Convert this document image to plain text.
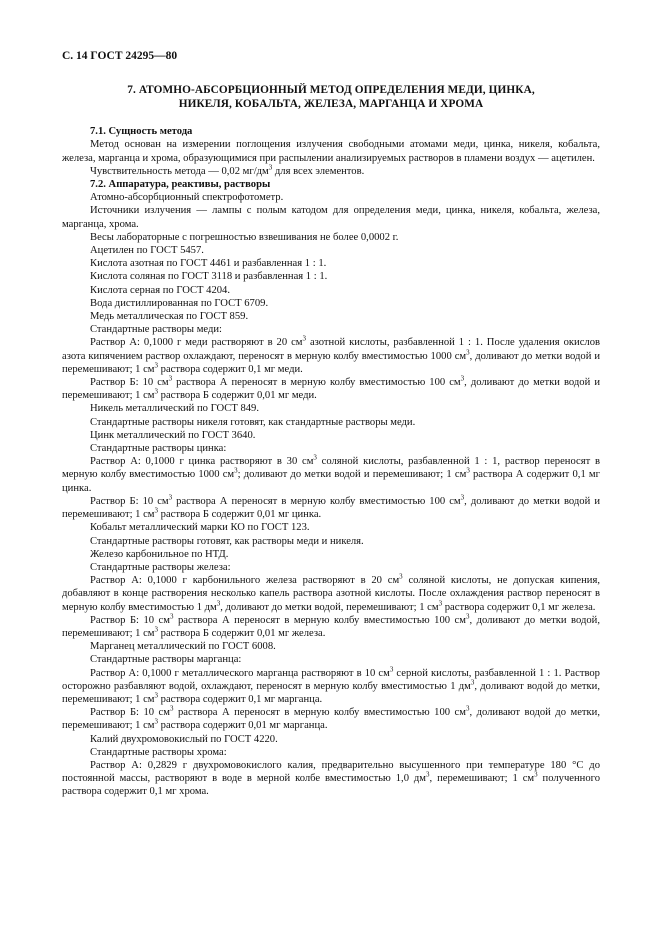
С. 14 ГОСТ 24295—80
7. АТОМНО-АБСОРБЦИОННЫЙ МЕТОД ОПРЕДЕЛЕНИЯ МЕДИ, ЦИНКА,
НИКЕЛЯ, КОБАЛЬТА, ЖЕЛЕЗА, МАРГАНЦА И ХРОМА
7.1. Сущность метода

Метод основан на измерении поглощения излучения свободными атомами меди, цинка, никеля, кобальта, железа, марганца и хрома, образующимися при распылении анализируемых растворов в пламени воздух — ацетилен.

Чувствительность метода — 0,02 $мг/дм^3$ для всех элементов.

7.2. Аппаратура, реактивы, растворы

Атомно-абсорбционный спектрофотометр.

Источники излучения — лампы с полым катодом для определения меди, цинка, никеля, кобальта, железа, марганца, хрома.

Весы лабораторные с погрешностью взвешивания не более 0,0002 г.

Ацетилен по ГОСТ 5457.

Кислота азотная по ГОСТ 4461 и разбавленная 1 : 1.

Кислота соляная по ГОСТ 3118 и разбавленная 1 : 1.

Кислота серная по ГОСТ 4204.

Вода дистиллированная по ГОСТ 6709.

Медь металлическая по ГОСТ 859.

Стандартные растворы меди:

Раствор А: 0,1000 г меди растворяют в 20 $см^3$ азотной кислоты, разбавленной 1 : 1. После удаления окислов азота кипячением раствор охлаждают, переносят в мерную колбу вместимостью 1000 $см^3$, доливают до метки водой и перемешивают; 1 $см^3$ раствора содержит 0,1 мг меди.

Раствор Б: 10 $см^3$ раствора А переносят в мерную колбу вместимостью 100 $см^3$, доливают до метки водой и перемешивают; 1 $см^3$ раствора Б содержит 0,01 мг меди.

Никель металлический по ГОСТ 849.

Стандартные растворы никеля готовят, как стандартные растворы меди.

Цинк металлический по ГОСТ 3640.

Стандартные растворы цинка:

Раствор А: 0,1000 г цинка растворяют в 30 $см^3$ соляной кислоты, разбавленной 1 : 1, раствор переносят в мерную колбу вместимостью 1000 $см^3$; доливают до метки водой и перемешивают; 1 $см^3$ раствора А содержит 0,1 мг цинка.

Раствор Б: 10 $см^3$ раствора А переносят в мерную колбу вместимостью 100 $см^3$, доливают до метки водой и перемешивают; 1 $см^3$ раствора Б содержит 0,01 мг цинка.

Кобальт металлический марки КО по ГОСТ 123.

Стандартные растворы готовят, как растворы меди и никеля.

Железо карбонильное по НТД.

Стандартные растворы железа:

Раствор А: 0,1000 г карбонильного железа растворяют в 20 $см^3$ соляной кислоты, не допуская кипения, добавляют в конце растворения несколько капель раствора азотной кислоты. После охлаждения раствор переносят в мерную колбу вместимостью 1 $дм^3$, доливают до метки водой, перемешивают; 1 $см^3$ раствора содержит 0,1 мг железа.

Раствор Б: 10 $см^3$ раствора А переносят в мерную колбу вместимостью 100 $см^3$, доливают до метки водой, перемешивают; 1 $см^3$ раствора Б содержит 0,01 мг железа.

Марганец металлический по ГОСТ 6008.

Стандартные растворы марганца:

Раствор А: 0,1000 г металлического марганца растворяют в 10 $см^3$ серной кислоты, разбавленной 1 : 1. Раствор осторожно разбавляют водой, охлаждают, переносят в мерную колбу вместимостью 1 $дм^3$, доливают водой до метки, перемешивают; 1 $см^3$ раствора содержит 0,1 мг марганца.

Раствор Б: 10 $см^3$ раствора А переносят в мерную колбу вместимостью 100 $см^3$, доливают водой до метки, перемешивают; 1 $см^3$ раствора содержит 0,01 мг марганца.

Калий двухромовокислый по ГОСТ 4220.

Стандартные растворы хрома:

Раствор А: 0,2829 г двухромовокислого калия, предварительно высушенного при температуре 180 °С до постоянной массы, растворяют в воде в мерной колбе вместимостью 1,0 $дм^3$, перемешивают; 1 $см^3$ полученного раствора содержит 0,1 мг хрома.
